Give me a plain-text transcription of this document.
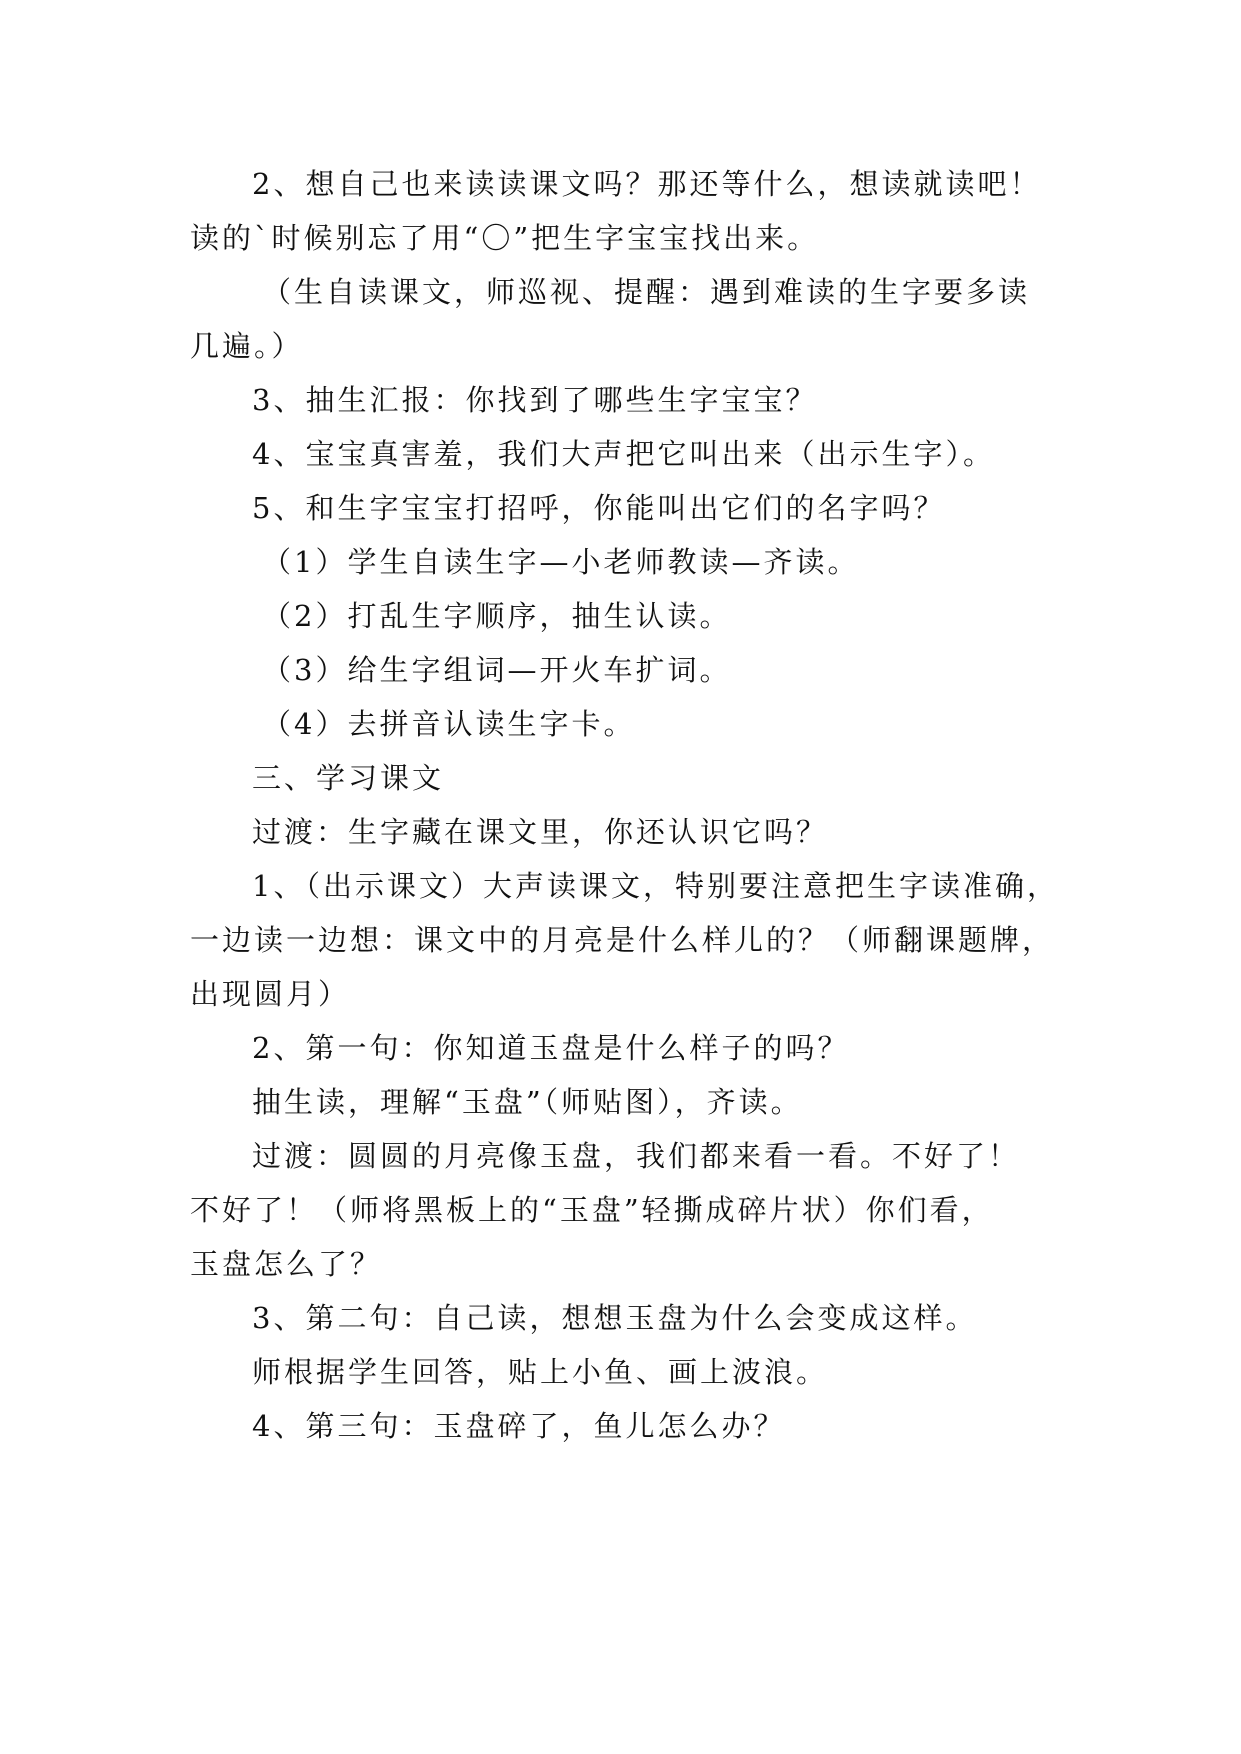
2、想自己也来读读课文吗？那还等什么，想读就读吧！
读的`时候别忘了用“〇”把生字宝宝找出来。
（生自读课文，师巡视、提醒：遇到难读的生字要多读
几遍。）
3、抽生汇报：你找到了哪些生字宝宝？
4、宝宝真害羞，我们大声把它叫出来（出示生字）。
5、和生字宝宝打招呼，你能叫出它们的名字吗？
（1）学生自读生字—小老师教读—齐读。
（2）打乱生字顺序，抽生认读。
（3）给生字组词—开火车扩词。
（4）去拼音认读生字卡。
三、学习课文
过渡：生字藏在课文里，你还认识它吗？
1、（出示课文）大声读课文，特别要注意把生字读准确，
一边读一边想：课文中的月亮是什么样儿的？（师翻课题牌，
出现圆月）
2、第一句：你知道玉盘是什么样子的吗？
抽生读，理解“玉盘”（师贴图），齐读。
过渡：圆圆的月亮像玉盘，我们都来看一看。不好了！
不好了！（师将黑板上的“玉盘”轻撕成碎片状）你们看，
玉盘怎么了？
3、第二句：自己读，想想玉盘为什么会变成这样。
师根据学生回答，贴上小鱼、画上波浪。
4、第三句：玉盘碎了，鱼儿怎么办？
